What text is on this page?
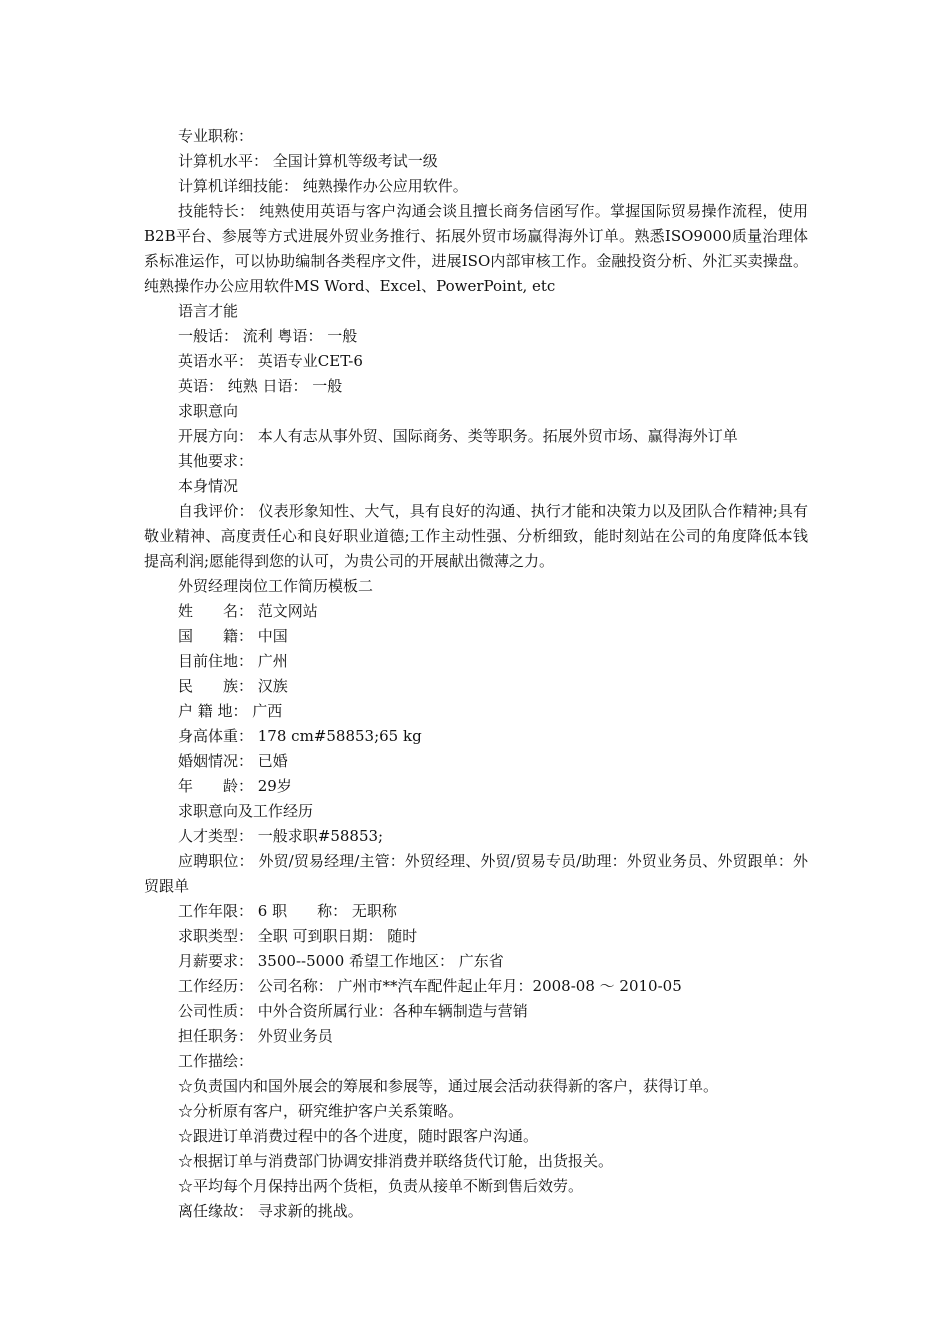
专业职称：

计算机水平： 全国计算机等级考试一级

计算机详细技能： 纯熟操作办公应用软件。

技能特长： 纯熟使用英语与客户沟通会谈且擅长商务信函写作。掌握国际贸易操作流程，使用B2B平台、参展等方式进展外贸业务推行、拓展外贸市场赢得海外订单。熟悉ISO9000质量治理体系标准运作，可以协助编制各类程序文件，进展ISO内部审核工作。金融投资分析、外汇买卖操盘。纯熟操作办公应用软件MS Word、Excel、PowerPoint, etc

语言才能

一般话： 流利 粤语： 一般

英语水平： 英语专业CET-6

英语： 纯熟 日语： 一般

求职意向

开展方向： 本人有志从事外贸、国际商务、类等职务。拓展外贸市场、赢得海外订单

其他要求：

本身情况

自我评价： 仪表形象知性、大气，具有良好的沟通、执行才能和决策力以及团队合作精神;具有敬业精神、高度责任心和良好职业道德;工作主动性强、分析细致，能时刻站在公司的角度降低本钱提高利润;愿能得到您的认可，为贵公司的开展献出微薄之力。

外贸经理岗位工作简历模板二

姓　　名： 范文网站

国　　籍： 中国

目前住地： 广州

民　　族： 汉族

户 籍 地： 广西

身高体重： 178 cm#58853;65 kg

婚姻情况： 已婚

年　　龄： 29岁

求职意向及工作经历

人才类型： 一般求职#58853;

应聘职位： 外贸/贸易经理/主管：外贸经理、外贸/贸易专员/助理：外贸业务员、外贸跟单：外贸跟单

工作年限： 6 职　　称： 无职称

求职类型： 全职 可到职日期： 随时

月薪要求： 3500--5000 希望工作地区： 广东省

工作经历： 公司名称： 广州市**汽车配件起止年月：2008-08 ～ 2010-05

公司性质： 中外合资所属行业：各种车辆制造与营销

担任职务： 外贸业务员

工作描绘：

☆负责国内和国外展会的筹展和参展等，通过展会活动获得新的客户，获得订单。

☆分析原有客户，研究维护客户关系策略。

☆跟进订单消费过程中的各个进度，随时跟客户沟通。

☆根据订单与消费部门协调安排消费并联络货代订舱，出货报关。

☆平均每个月保持出两个货柜，负责从接单不断到售后效劳。

离任缘故： 寻求新的挑战。
